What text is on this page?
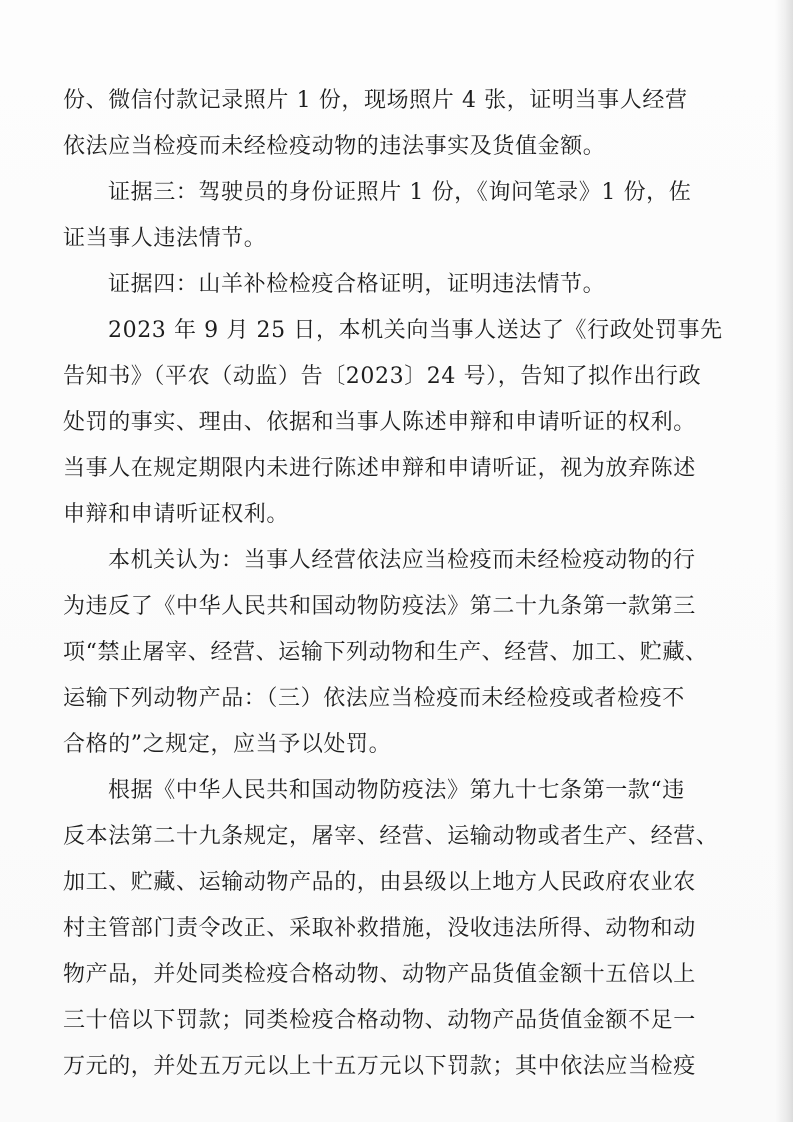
份、微信付款记录照片 1 份，现场照片 4 张，证明当事人经营
依法应当检疫而未经检疫动物的违法事实及货值金额。
证据三：驾驶员的身份证照片 1 份，《询问笔录》1 份，佐
证当事人违法情节。
证据四：山羊补检检疫合格证明，证明违法情节。
2023 年 9 月 25 日，本机关向当事人送达了《行政处罚事先
告知书》（平农（动监）告〔2023〕24 号），告知了拟作出行政
处罚的事实、理由、依据和当事人陈述申辩和申请听证的权利。
当事人在规定期限内未进行陈述申辩和申请听证，视为放弃陈述
申辩和申请听证权利。
本机关认为：当事人经营依法应当检疫而未经检疫动物的行
为违反了《中华人民共和国动物防疫法》第二十九条第一款第三
项“禁止屠宰、经营、运输下列动物和生产、经营、加工、贮藏、
运输下列动物产品：（三）依法应当检疫而未经检疫或者检疫不
合格的”之规定，应当予以处罚。
根据《中华人民共和国动物防疫法》第九十七条第一款“违
反本法第二十九条规定，屠宰、经营、运输动物或者生产、经营、
加工、贮藏、运输动物产品的，由县级以上地方人民政府农业农
村主管部门责令改正、采取补救措施，没收违法所得、动物和动
物产品，并处同类检疫合格动物、动物产品货值金额十五倍以上
三十倍以下罚款；同类检疫合格动物、动物产品货值金额不足一
万元的，并处五万元以上十五万元以下罚款；其中依法应当检疫
